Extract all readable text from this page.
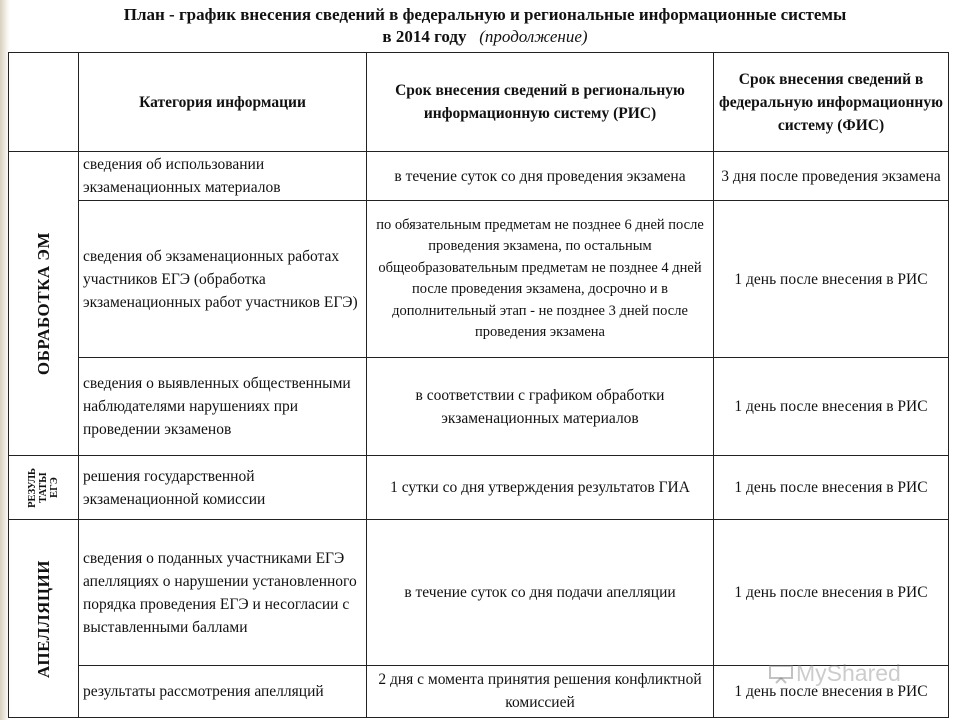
План - график внесения сведений в федеральную и региональные информационные системы
в 2014 году (продолжение)
	Категория информации	Срок внесения сведений в региональную информационную систему (РИС)	Срок внесения сведений в федеральную информационную систему (ФИС)

ОБРАБОТКА ЭМ	сведения об использовании экзаменационных материалов	в течение суток со дня проведения экзамена	3 дня после проведения экзамена
	сведения об экзаменационных работах участников ЕГЭ (обработка экзаменационных работ участников ЕГЭ)	по обязательным предметам не позднее 6 дней после проведения экзамена, по остальным общеобразовательным предметам не позднее 4 дней после проведения экзамена, досрочно и в дополнительный этап - не позднее 3 дней после проведения экзамена	1 день после внесения в РИС
	сведения о выявленных общественными наблюдателями нарушениях при проведении экзаменов	в соответствии с графиком обработки экзаменационных материалов	1 день после внесения в РИС

РЕЗУЛЬ
ТАТЫ
ЕГЭ	решения государственной экзаменационной комиссии	1 сутки со дня утверждения результатов ГИА	1 день после внесения в РИС

АПЕЛЛЯЦИИ	сведения о поданных участниками ЕГЭ апелляциях о нарушении установленного порядка проведения ЕГЭ и несогласии с выставленными баллами	в течение суток со дня подачи апелляции	1 день после внесения в РИС
	результаты рассмотрения апелляций	2 дня с момента принятия решения конфликтной комиссией	1 день после внесения в РИС
MyShared
